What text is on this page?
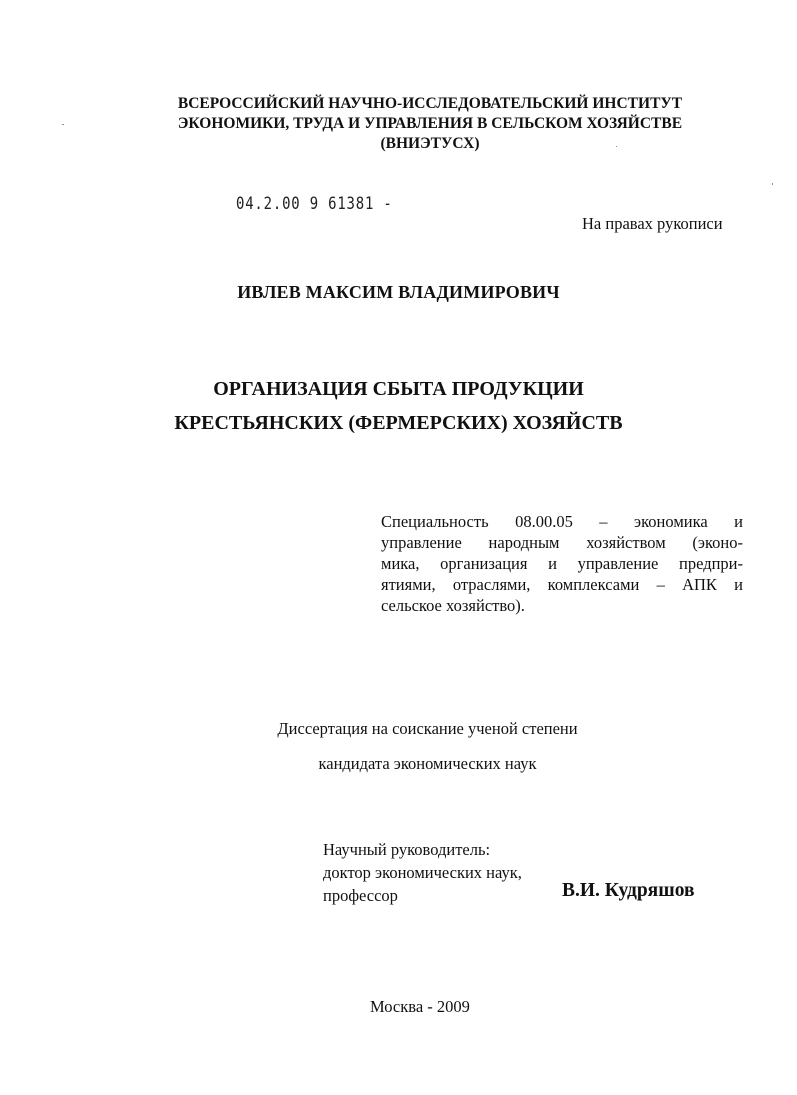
ВСЕРОССИЙСКИЙ НАУЧНО-ИССЛЕДОВАТЕЛЬСКИЙ ИНСТИТУТ
ЭКОНОМИКИ, ТРУДА И УПРАВЛЕНИЯ В СЕЛЬСКОМ ХОЗЯЙСТВЕ
(ВНИЭТУСХ)
04.2.00 9 61381 -
На правах рукописи
ИВЛЕВ МАКСИМ ВЛАДИМИРОВИЧ
ОРГАНИЗАЦИЯ СБЫТА ПРОДУКЦИИ
КРЕСТЬЯНСКИХ (ФЕРМЕРСКИХ) ХОЗЯЙСТВ
Специальность 08.00.05 – экономика и
управление народным хозяйством (эконо-
мика, организация и управление предпри-
ятиями, отраслями, комплексами – АПК и
сельское хозяйство).
Диссертация на соискание ученой степени
кандидата экономических наук
Научный руководитель:
доктор экономических наук,
профессор	В.И. Кудряшов
Москва - 2009
